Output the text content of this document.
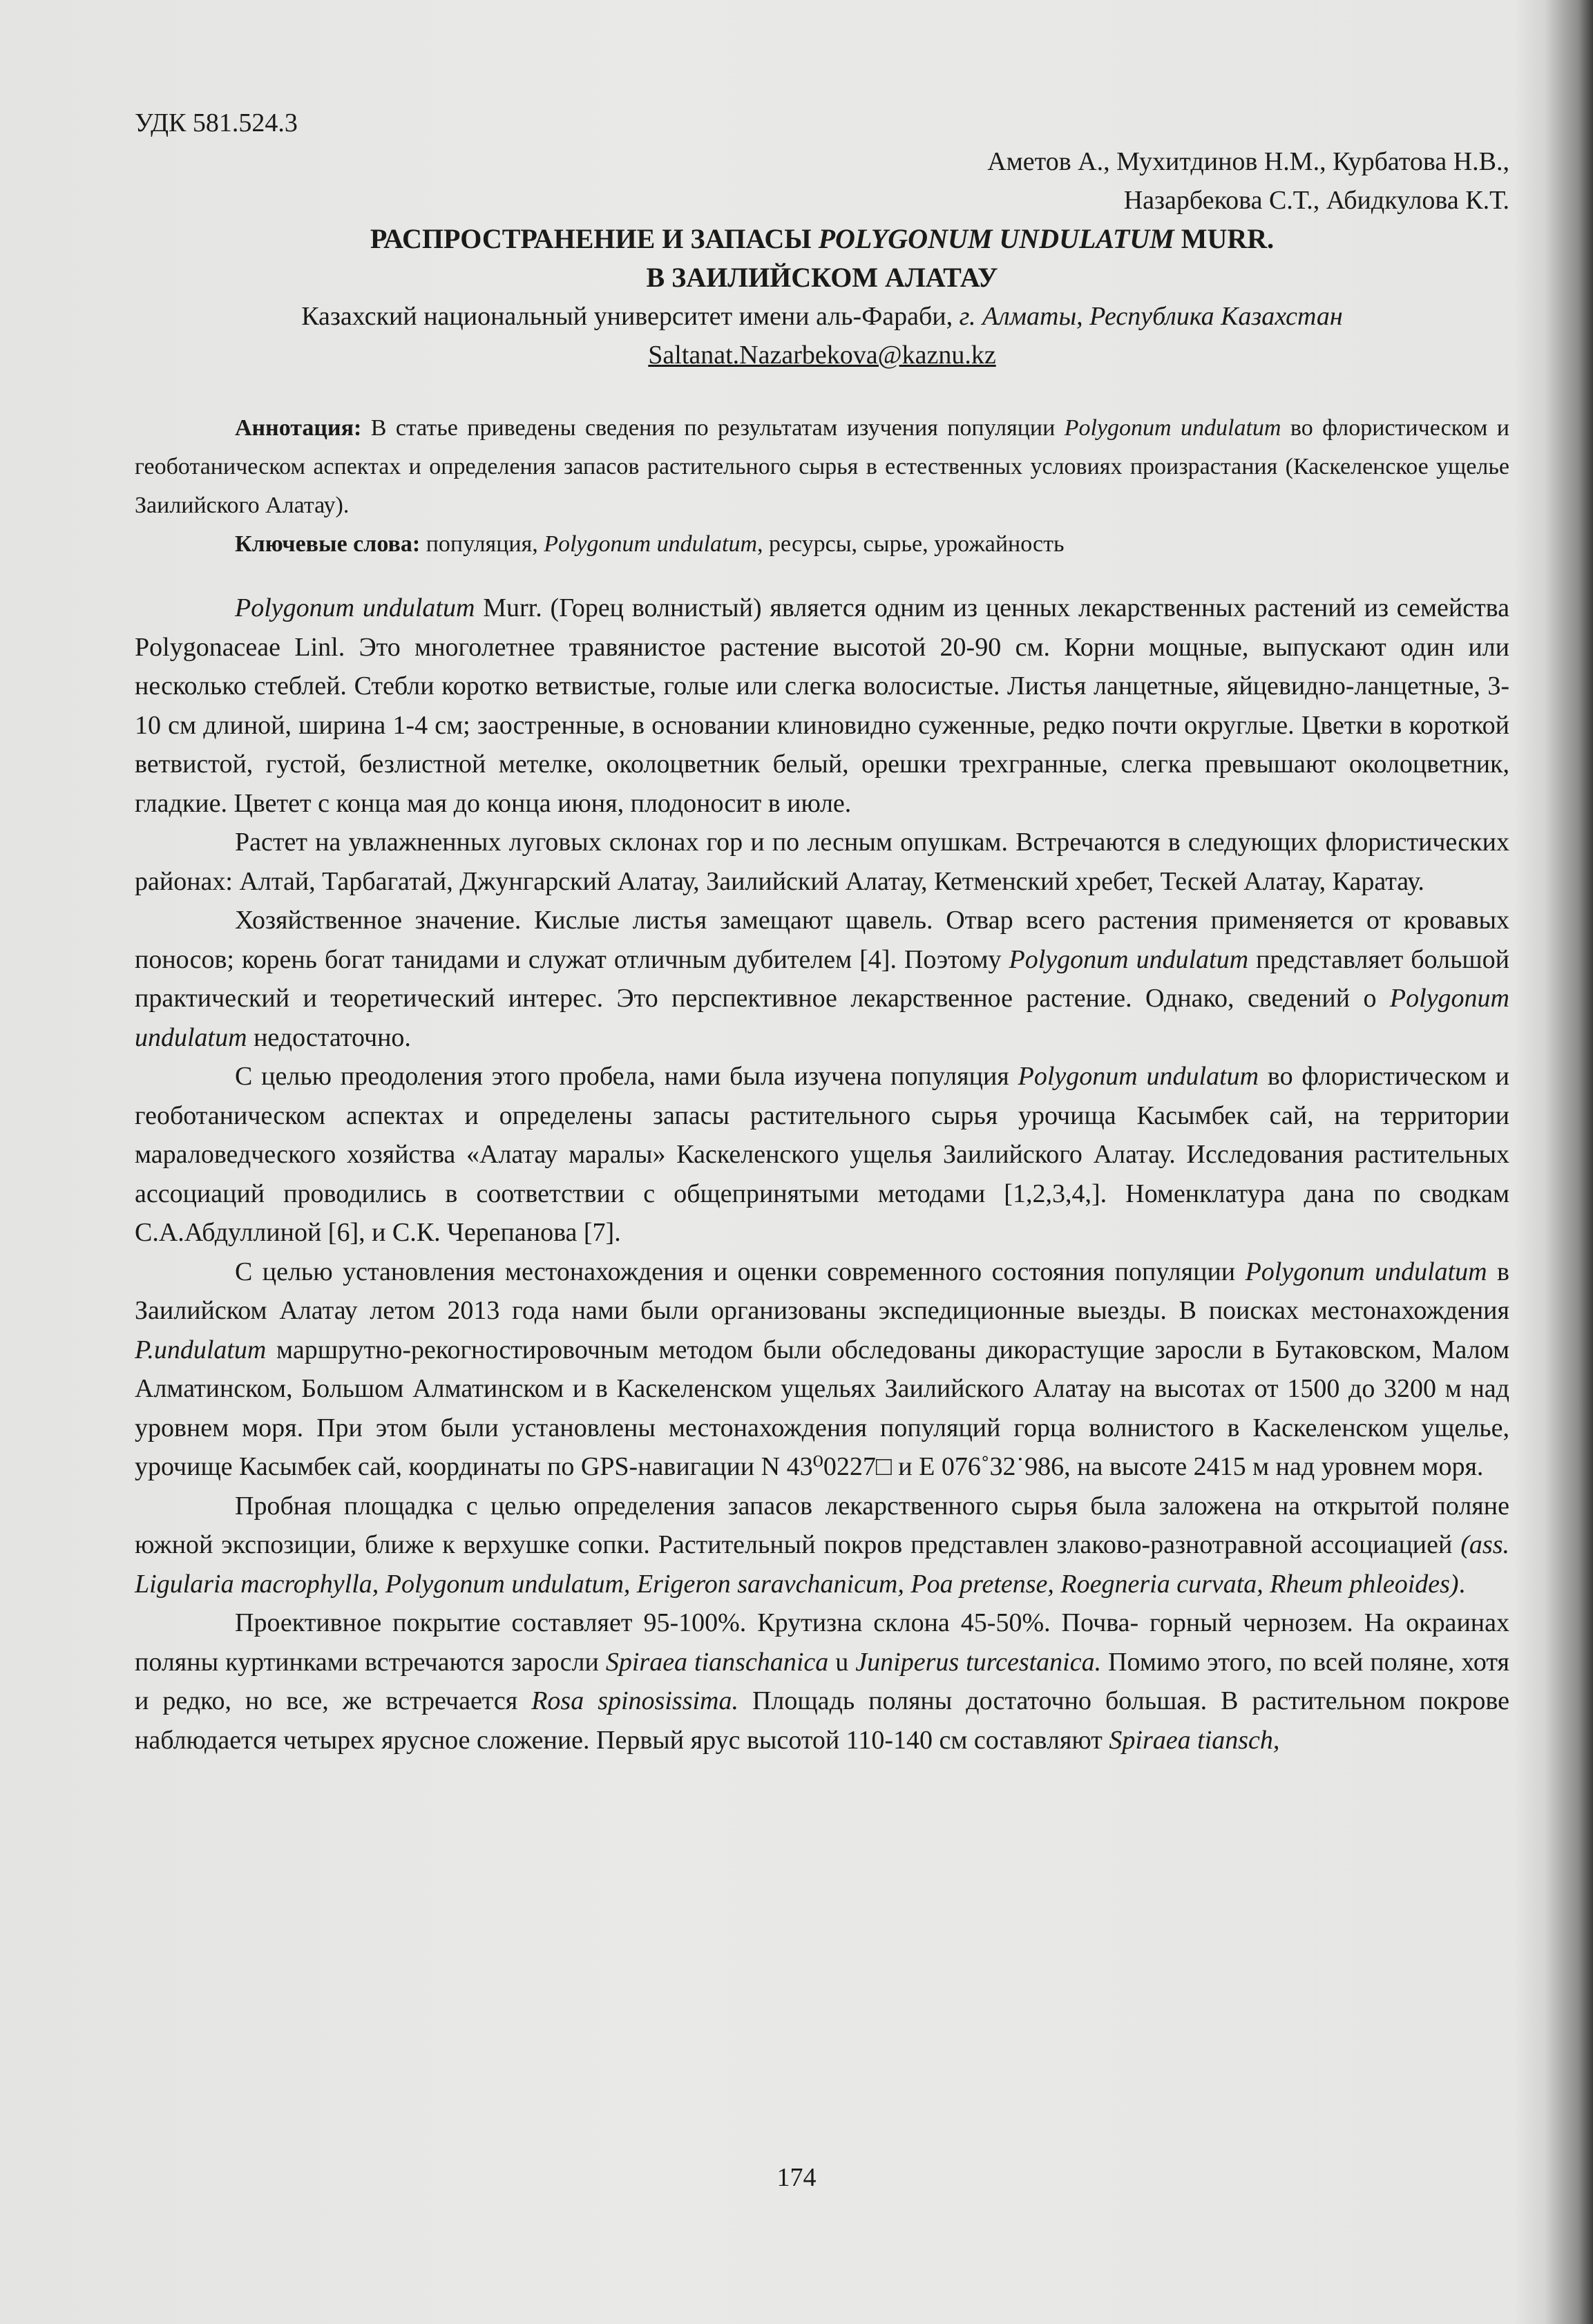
УДК 581.524.3

Аметов А., Мухитдинов Н.М., Курбатова Н.В.,

Назарбекова С.Т., Абидкулова К.Т.

РАСПРОСТРАНЕНИЕ И ЗАПАСЫ POLYGONUM UNDULATUM MURR.

В ЗАИЛИЙСКОМ АЛАТАУ

Казахский национальный университет имени аль-Фараби, г. Алматы, Республика Казахстан

Saltanat.Nazarbekova@kaznu.kz

Аннотация: В статье приведены сведения по результатам изучения популяции Polygonum undulatum во флористическом и геоботаническом аспектах и определения запасов растительного сырья в естественных условиях произрастания (Каскеленское ущелье Заилийского Алатау).

Ключевые слова: популяция, Polygonum undulatum, ресурсы, сырье, урожайность

Polygonum undulatum Murr. (Горец волнистый) является одним из ценных лекарственных растений из семейства Polygonaceae Linl. Это многолетнее травянистое растение высотой 20-90 см. Корни мощные, выпускают один или несколько стеблей. Стебли коротко ветвистые, голые или слегка волосистые. Листья ланцетные, яйцевидно-ланцетные, 3-10 см длиной, ширина 1-4 см; заостренные, в основании клиновидно суженные, редко почти округлые. Цветки в короткой ветвистой, густой, безлистной метелке, околоцветник белый, орешки трехгранные, слегка превышают околоцветник, гладкие. Цветет с конца мая до конца июня, плодоносит в июле.

Растет на увлажненных луговых склонах гор и по лесным опушкам. Встречаются в следующих флористических районах: Алтай, Тарбагатай, Джунгарский Алатау, Заилийский Алатау, Кетменский хребет, Тескей Алатау, Каратау.

Хозяйственное значение. Кислые листья замещают щавель. Отвар всего растения применяется от кровавых поносов; корень богат танидами и служат отличным дубителем [4]. Поэтому Polygonum undulatum представляет большой практический и теоретический интерес. Это перспективное лекарственное растение. Однако, сведений о Polygonum undulatum недостаточно.

С целью преодоления этого пробела, нами была изучена популяция Polygonum undulatum во флористическом и геоботаническом аспектах и определены запасы растительного сырья урочища Касымбек сай, на территории мараловедческого хозяйства «Алатау маралы» Каскеленского ущелья Заилийского Алатау. Исследования растительных ассоциаций проводились в соответствии с общепринятыми методами [1,2,3,4,]. Номенклатура дана по сводкам С.А.Абдуллиной [6], и С.К. Черепанова [7].

С целью установления местонахождения и оценки современного состояния популяции Polygonum undulatum в Заилийском Алатау летом 2013 года нами были организованы экспедиционные выезды. В поисках местонахождения P.undulatum маршрутно-рекогностировочным методом были обследованы дикорастущие заросли в Бутаковском, Малом Алматинском, Большом Алматинском и в Каскеленском ущельях Заилийского Алатау на высотах от 1500 до 3200 м над уровнем моря. При этом были установлены местонахождения популяций горца волнистого в Каскеленском ущелье, урочище Касымбек сай, координаты по GPS-навигации N 43⁰0227□ и Е 076˚32˙986, на высоте 2415 м над уровнем моря.

Пробная площадка с целью определения запасов лекарственного сырья была заложена на открытой поляне южной экспозиции, ближе к верхушке сопки. Растительный покров представлен злаково-разнотравной ассоциацией (ass. Ligularia macrophylla, Polygonum undulatum, Erigeron saravchanicum, Poa pretense, Roegneria curvata, Rheum phleoides).

Проективное покрытие составляет 95-100%. Крутизна склона 45-50%. Почва- горный чернозем. На окраинах поляны куртинками встречаются заросли Spiraea tianschanica u Juniperus turcestanica. Помимо этого, по всей поляне, хотя и редко, но все, же встречается Rosa spinosissima. Площадь поляны достаточно большая. В растительном покрове наблюдается четырех ярусное сложение. Первый ярус высотой 110-140 см составляют Spiraea tiansch,

174
